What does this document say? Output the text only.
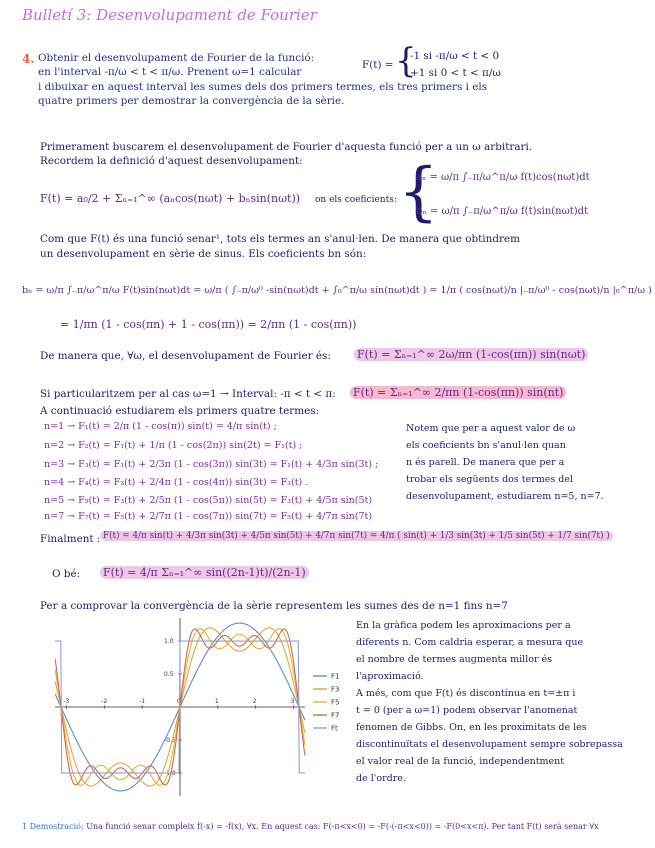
Bulletí 3: Desenvolupament de Fourier
4. Obtenir el desenvolupament de Fourier de la funció:
en l'interval -π/ω < t < π/ω. Prenent ω=1 calcular
i dibuixar en aquest interval les sumes dels dos primers termes, els tres primers i els
quatre primers per demostrar la convergència de la sèrie.
F(t) = {
-1 si -π/ω < t < 0
+1 si 0 < t < π/ω
Primerament buscarem el desenvolupament de Fourier d'aquesta funció per a un ω arbitrari.
Recordem la definició d'aquest desenvolupament:
F(t) = a₀/2 + Σₙ₌₁^∞ (aₙcos(nωt) + bₙsin(nωt)) on els coeficients: {
aₙ = ω/π ∫₋π/ω^π/ω f(t)cos(nωt)dt
bₙ = ω/π ∫₋π/ω^π/ω f(t)sin(nωt)dt
Com que F(t) és una funció senar¹, tots els termes an s'anul·len. De manera que obtindrem
un desenvolupament en sèrie de sinus. Els coeficients bn són:
bₙ = ω/π ∫₋π/ω^π/ω F(t)sin(nωt)dt = ω/π ( ∫₋π/ω⁰ -sin(nωt)dt + ∫₀^π/ω sin(nωt)dt ) = 1/π ( cos(nωt)/n |₋π/ω⁰ - cos(nωt)/n |₀^π/ω )
= 1/πn (1 - cos(πn) + 1 - cos(πn)) = 2/πn (1 - cos(πn))
De manera que, ∀ω, el desenvolupament de Fourier és: F(t) = Σₙ₌₁^∞ 2ω/πn (1-cos(πn)) sin(nωt)
Si particularitzem per al cas ω=1 → Interval: -π < t < π: F(t) = Σₙ₌₁^∞ 2/πn (1-cos(πn)) sin(nt)
A continuació estudiarem els primers quatre termes:
n=1 → F₁(t) = 2/π (1 - cos(π)) sin(t) = 4/π sin(t) ;
n=2 → F₂(t) = F₁(t) + 1/π (1 - cos(2π)) sin(2t) = F₁(t) ;
n=3 → F₃(t) = F₁(t) + 2/3π (1 - cos(3π)) sin(3t) = F₁(t) + 4/3π sin(3t) ;
n=4 → F₄(t) = F₃(t) + 2/4π (1 - cos(4π)) sin(3t) = F₃(t) .
n=5 → F₅(t) = F₃(t) + 2/5π (1 - cos(5π)) sin(5t) = F₃(t) + 4/5π sin(5t)
n=7 → F₇(t) = F₅(t) + 2/7π (1 - cos(7π)) sin(7t) = F₅(t) + 4/7π sin(7t)
Notem que per a aquest valor de ω
els coeficients bn s'anul·len quan
n és parell. De manera que per a
trobar els següents dos termes del
desenvolupament, estudiarem n=5, n=7.
Finalment : F(t) = 4/π sin(t) + 4/3π sin(3t) + 4/5π sin(5t) + 4/7π sin(7t) = 4/π ( sin(t) + 1/3 sin(3t) + 1/5 sin(5t) + 1/7 sin(7t) )
O bé: F(t) = 4/π Σₙ₌₁^∞ sin((2n-1)t)/(2n-1)
Per a comprovar la convergència de la sèrie representem les sumes des de n=1 fins n=7
En la gràfica podem les aproximacions per a
diferents n. Com caldria esperar, a mesura que
el nombre de termes augmenta millor és
l'aproximació.
A més, com que F(t) és discontínua en t=±π i
t = 0 (per a ω=1) podem observar l'anomenat
fenomen de Gibbs. On, en les proximitats de les
discontinuïtats el desenvolupament sempre sobrepassa
el valor real de la funció, independentment
de l'ordre.
-3	-2	-1	0	1	2	3
1.0
0.5
-0.5
-1.0
F1
F3
F5
F7
Ft
1 Demostració: Una funció senar compleix f(-x) = -f(x), ∀x. En aquest cas: F(-π<x<0) = -F(-(-π<x<0)) = -F(0<x<π). Per tant F(t) serà senar ∀x
